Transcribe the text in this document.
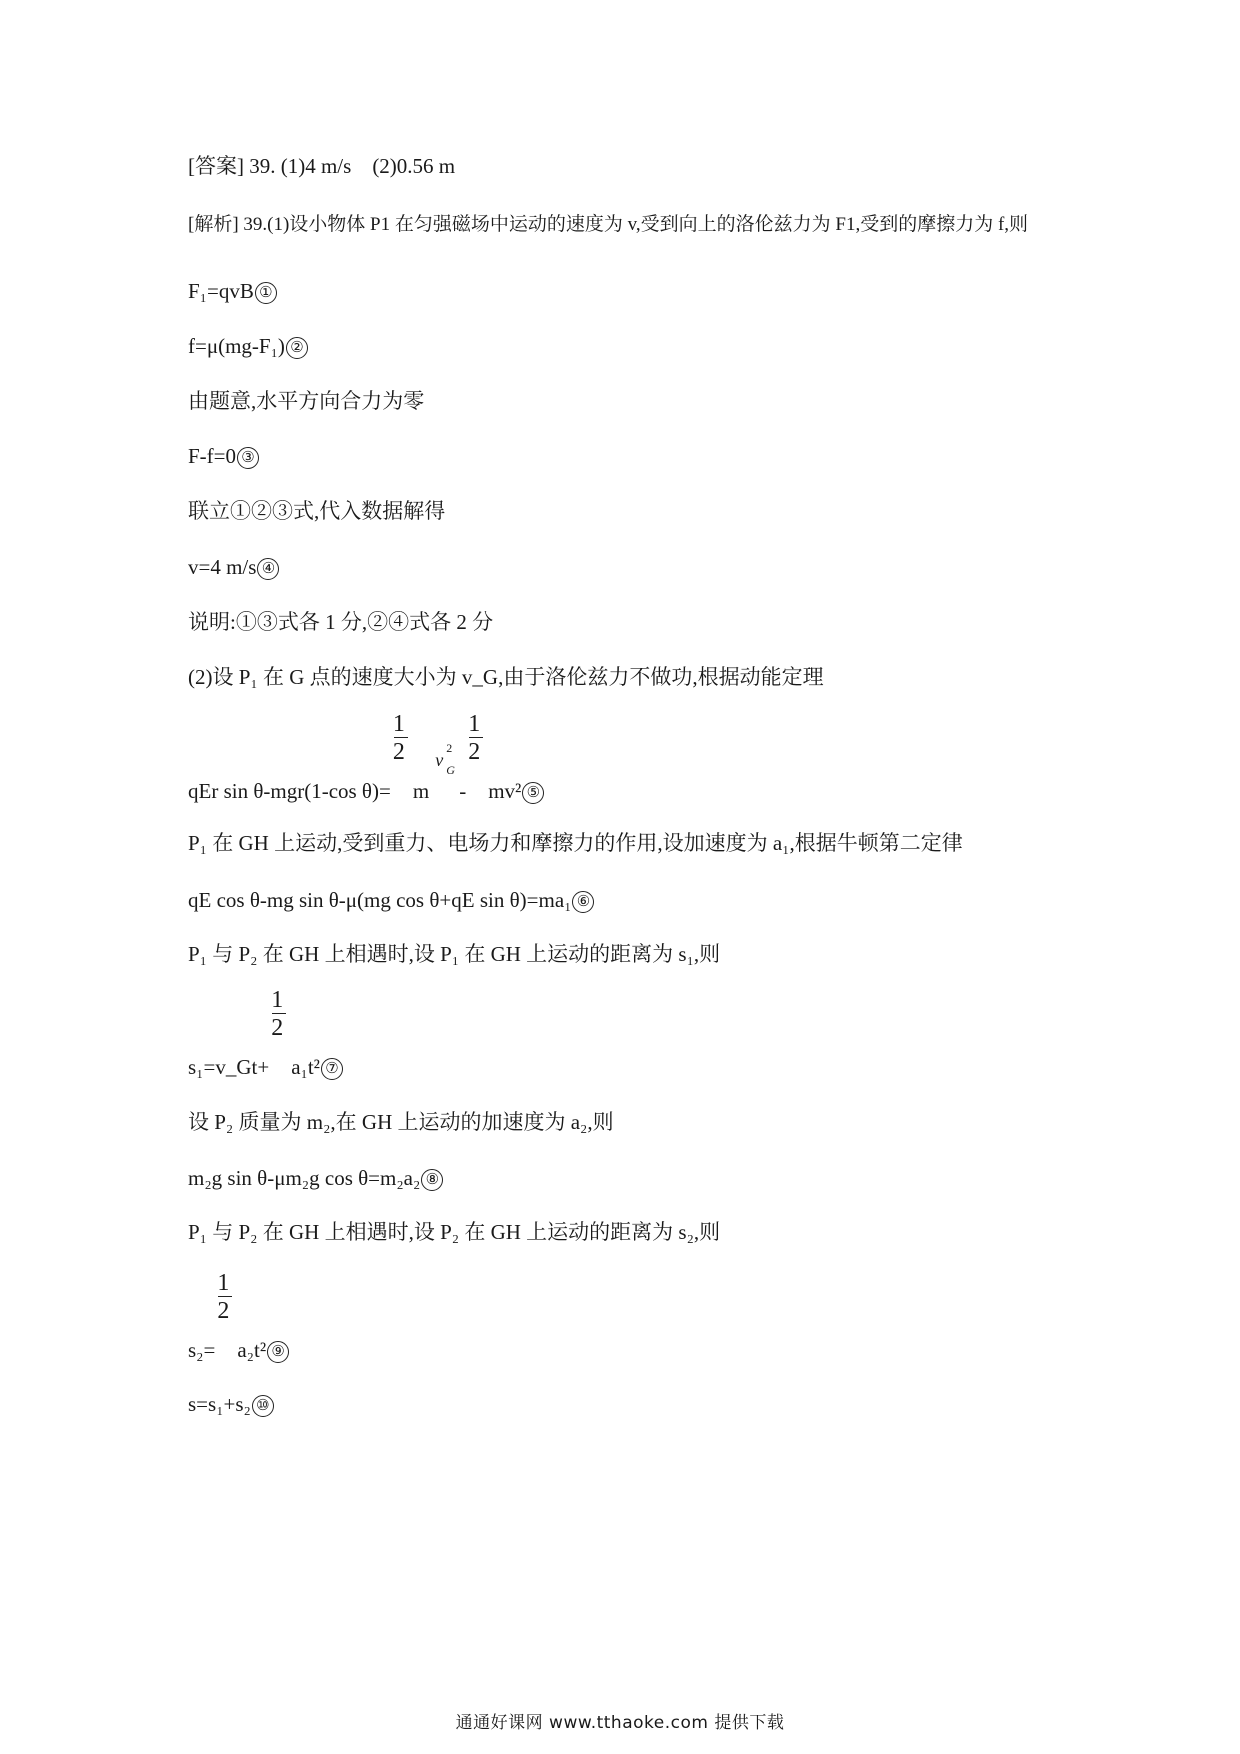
[答案] 39. (1)4 m/s　(2)0.56 m
[解析] 39.(1)设小物体 P1 在匀强磁场中运动的速度为 v,受到向上的洛伦兹力为 F1,受到的摩擦力为 f,则
F₁=qvB ①
f=μ(mg-F₁) ②
由题意,水平方向合力为零
F-f=0 ③
联立①②③式,代入数据解得
v=4 m/s ④
说明:①③式各 1 分,②④式各 2 分
(2)设 P₁ 在 G 点的速度大小为 v_G,由于洛伦兹力不做功,根据动能定理
qEr sin θ-mgr(1-cos $\theta)= \frac{1}{2}$ m
v
2
G
- $\frac{1}{2} mv^2$ ⑤
P₁ 在 GH 上运动,受到重力、电场力和摩擦力的作用,设加速度为 a₁,根据牛顿第二定律
qE cos θ-mg sin θ-μ(mg cos θ+qE sin θ)=ma₁ ⑥
P₁ 与 P₂ 在 GH 上相遇时,设 P₁ 在 GH 上运动的距离为 s₁,则
s₁=v_Gt+ $\frac{1}{2} a_1t^2$ ⑦
设 P₂ 质量为 m₂,在 GH 上运动的加速度为 a₂,则
m₂g sin θ-μm₂g cos θ=m₂a₂ ⑧
P₁ 与 P₂ 在 GH 上相遇时,设 P₂ 在 GH 上运动的距离为 s₂,则
$s_2= \frac{1}{2} a_2t^2$ ⑨
s=s₁+s₂ ⑩
通通好课网 www.tthaoke.com 提供下载
